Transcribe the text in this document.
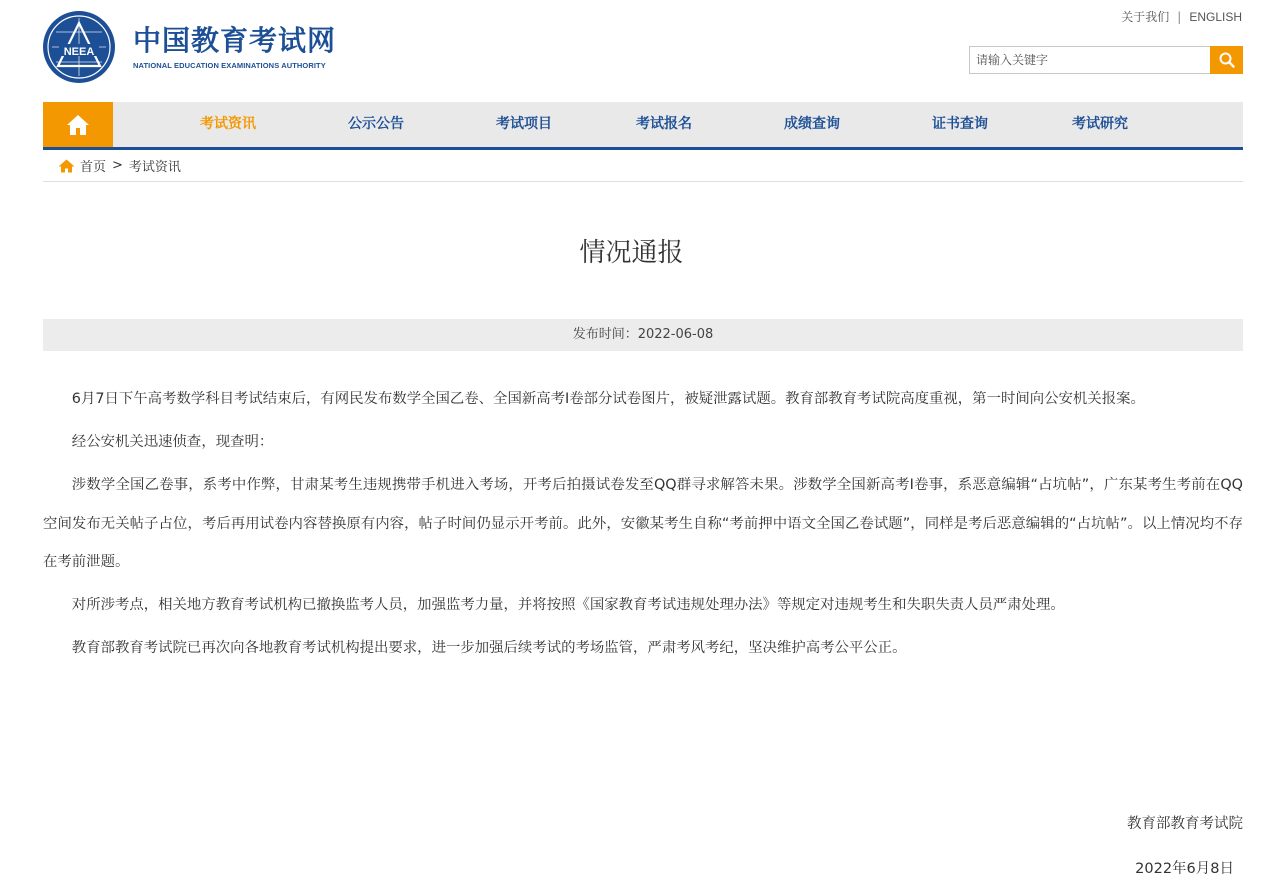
NEEA 中国教育考试网
NATIONAL EDUCATION EXAMINATIONS AUTHORITY
关于我们 | ENGLISH
请输入关键字
考试资讯	公示公告	考试项目	考试报名	成绩查询	证书查询	考试研究
首页 > 考试资讯
情况通报
发布时间：2022-06-08

6月7日下午高考数学科目考试结束后，有网民发布数学全国乙卷、全国新高考I卷部分试卷图片，被疑泄露试题。教育部教育考试院高度重视，第一时间向公安机关报案。

经公安机关迅速侦查，现查明：

涉数学全国乙卷事，系考中作弊，甘肃某考生违规携带手机进入考场，开考后拍摄试卷发至QQ群寻求解答未果。涉数学全国新高考I卷事，系恶意编辑“占坑帖”，广东某考生考前在QQ空间发布无关帖子占位，考后再用试卷内容替换原有内容，帖子时间仍显示开考前。此外，安徽某考生自称“考前押中语文全国乙卷试题”，同样是考后恶意编辑的“占坑帖”。以上情况均不存在考前泄题。

对所涉考点，相关地方教育考试机构已撤换监考人员，加强监考力量，并将按照《国家教育考试违规处理办法》等规定对违规考生和失职失责人员严肃处理。

教育部教育考试院已再次向各地教育考试机构提出要求，进一步加强后续考试的考场监管，严肃考风考纪，坚决维护高考公平公正。

教育部教育考试院
2022年6月8日
